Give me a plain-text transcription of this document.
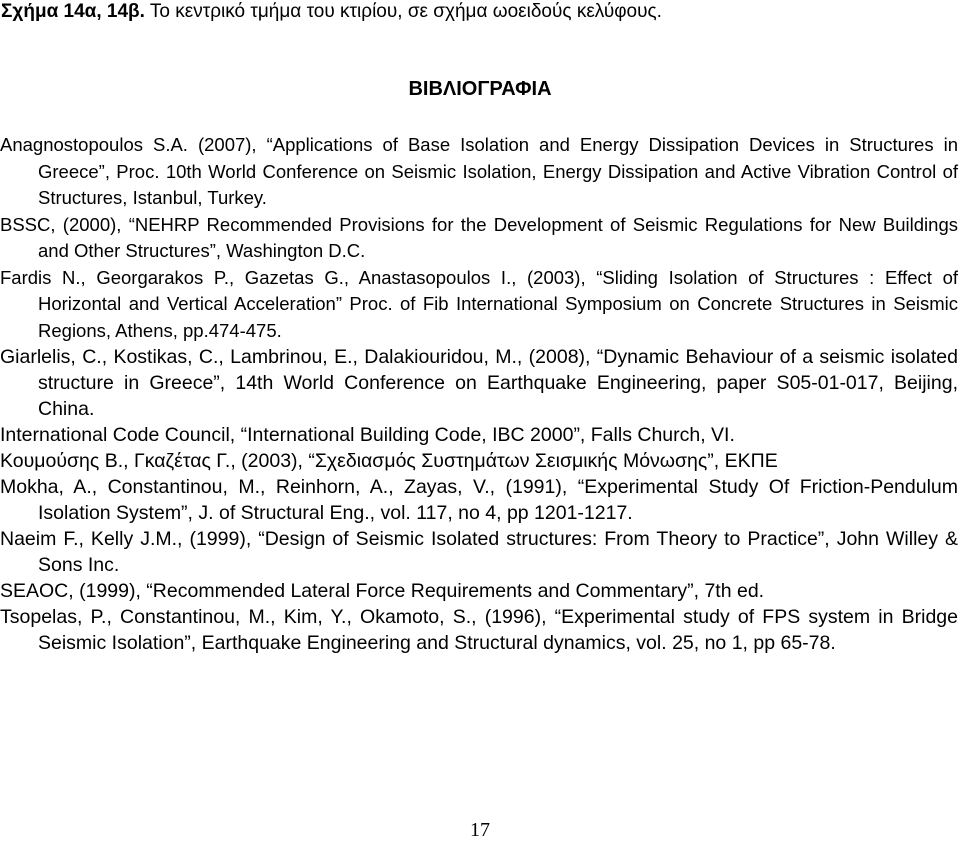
Σχήμα 14α, 14β. Το κεντρικό τμήμα του κτιρίου, σε σχήμα ωοειδούς κελύφους.
ΒΙΒΛΙΟΓΡΑΦΙΑ

Anagnostopoulos S.A. (2007), “Applications of Base Isolation and Energy Dissipation Devices in Structures in Greece”, Proc. 10th World Conference on Seismic Isolation, Energy Dissipation and Active Vibration Control of Structures, Istanbul, Turkey.

BSSC, (2000), “NEHRP Recommended Provisions for the Development of Seismic Regulations for New Buildings and Other Structures”, Washington D.C.

Fardis N., Georgarakos P., Gazetas G., Anastasopoulos I., (2003), “Sliding Isolation of Structures : Effect of Horizontal and Vertical Acceleration” Proc. of Fib International Symposium on Concrete Structures in Seismic Regions, Athens, pp.474-475.

Giarlelis, C., Kostikas, C., Lambrinou, E., Dalakiouridou, M., (2008), “Dynamic Behaviour of a seismic isolated structure in Greece”, 14th World Conference on Earthquake Engineering, paper S05-01-017, Beijing, China.

International Code Council, “International Building Code, IBC 2000”, Falls Church, VI.

Κουμούσης Β., Γκαζέτας Γ., (2003), “Σχεδιασμός Συστημάτων Σεισμικής Μόνωσης”, ΕΚΠΕ

Mokha, A., Constantinou, M., Reinhorn, A., Zayas, V., (1991), “Experimental Study Of Friction-Pendulum Isolation System”, J. of Structural Eng., vol. 117, no 4, pp 1201-1217.

Naeim F., Kelly J.M., (1999), “Design of Seismic Isolated structures: From Theory to Practice”, John Willey & Sons Inc.

SEAOC, (1999), “Recommended Lateral Force Requirements and Commentary”, 7th ed.

Tsopelas, P., Constantinou, M., Kim, Y., Okamoto, S., (1996), “Experimental study of FPS system in Bridge Seismic Isolation”, Earthquake Engineering and Structural dynamics, vol. 25, no 1, pp 65-78.

17
